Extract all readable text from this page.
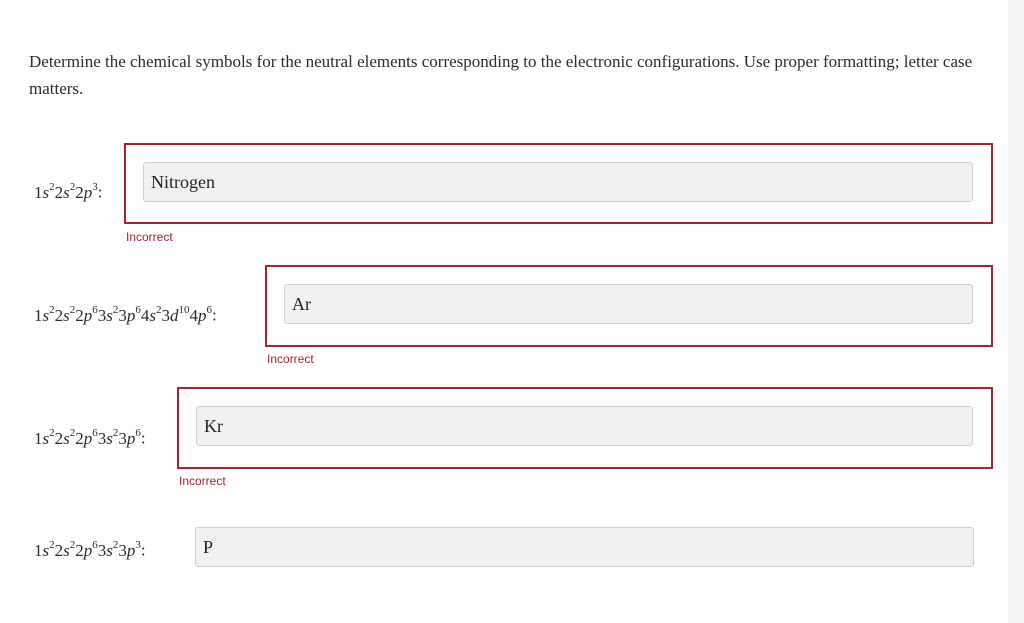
Determine the chemical symbols for the neutral elements corresponding to the electronic configurations. Use proper formatting; letter case matters.
$1s^22s^22p^3$:
Nitrogen
Incorrect
$1s^22s^22p^63s^23p^64s^23d^{10}4p^6$:
Ar
Incorrect
$1s^22s^22p^63s^23p^6$:
Kr
Incorrect
$1s^22s^22p^63s^23p^3$:	P
